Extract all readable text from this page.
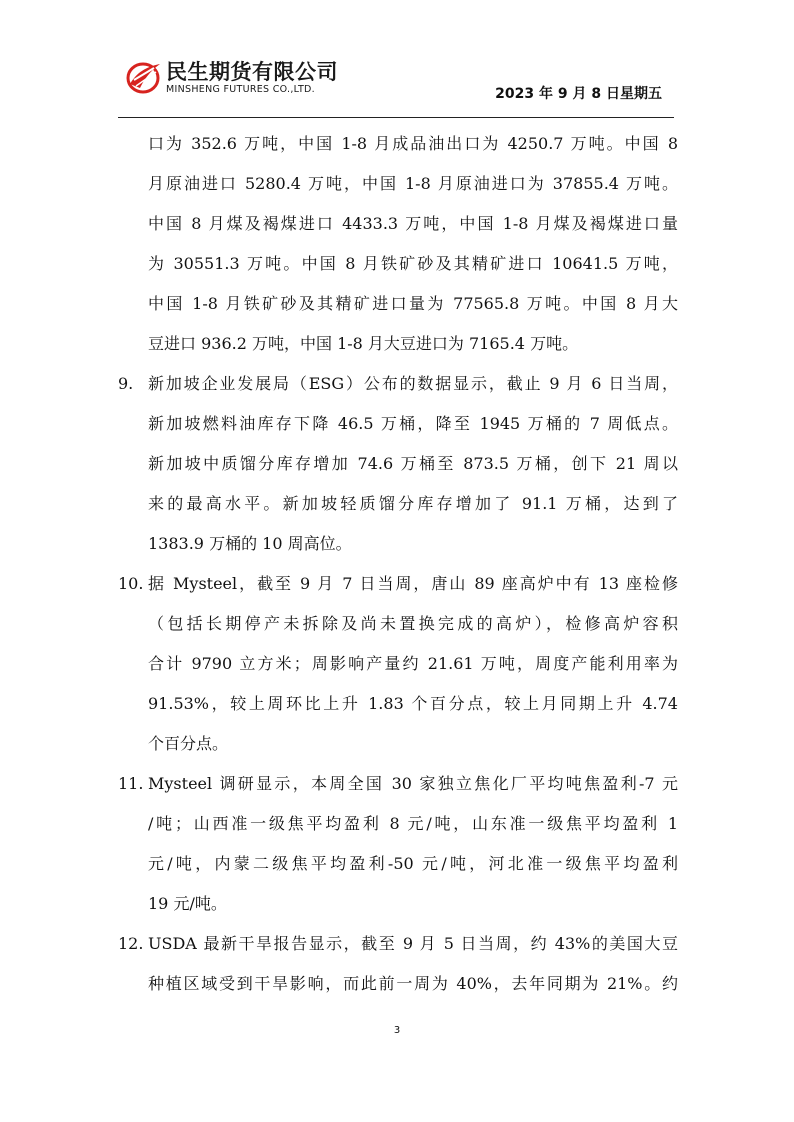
民生期货有限公司
MINSHENG FUTURES CO.,LTD.	2023 年 9 月 8 日星期五
口为 352.6 万吨，中国 1-8 月成品油出口为 4250.7 万吨。中国 8
月原油进口 5280.4 万吨，中国 1-8 月原油进口为 37855.4 万吨。
中国 8 月煤及褐煤进口 4433.3 万吨，中国 1-8 月煤及褐煤进口量
为 30551.3 万吨。中国 8 月铁矿砂及其精矿进口 10641.5 万吨，
中国 1-8 月铁矿砂及其精矿进口量为 77565.8 万吨。中国 8 月大
豆进口 936.2 万吨，中国 1-8 月大豆进口为 7165.4 万吨。
9. 新加坡企业发展局（ESG）公布的数据显示，截止 9 月 6 日当周，
新加坡燃料油库存下降 46.5 万桶，降至 1945 万桶的 7 周低点。
新加坡中质馏分库存增加 74.6 万桶至 873.5 万桶，创下 21 周以
来的最高水平。新加坡轻质馏分库存增加了 91.1 万桶，达到了
1383.9 万桶的 10 周高位。
10. 据 Mysteel，截至 9 月 7 日当周，唐山 89 座高炉中有 13 座检修
（包括长期停产未拆除及尚未置换完成的高炉），检修高炉容积
合计 9790 立方米；周影响产量约 21.61 万吨，周度产能利用率为
91.53%，较上周环比上升 1.83 个百分点，较上月同期上升 4.74
个百分点。
11. Mysteel 调研显示，本周全国 30 家独立焦化厂平均吨焦盈利-7 元
/吨；山西准一级焦平均盈利 8 元/吨，山东准一级焦平均盈利 1
元/吨，内蒙二级焦平均盈利-50 元/吨，河北准一级焦平均盈利
19 元/吨。
12. USDA 最新干旱报告显示，截至 9 月 5 日当周，约 43%的美国大豆
种植区域受到干旱影响，而此前一周为 40%，去年同期为 21%。约
3
